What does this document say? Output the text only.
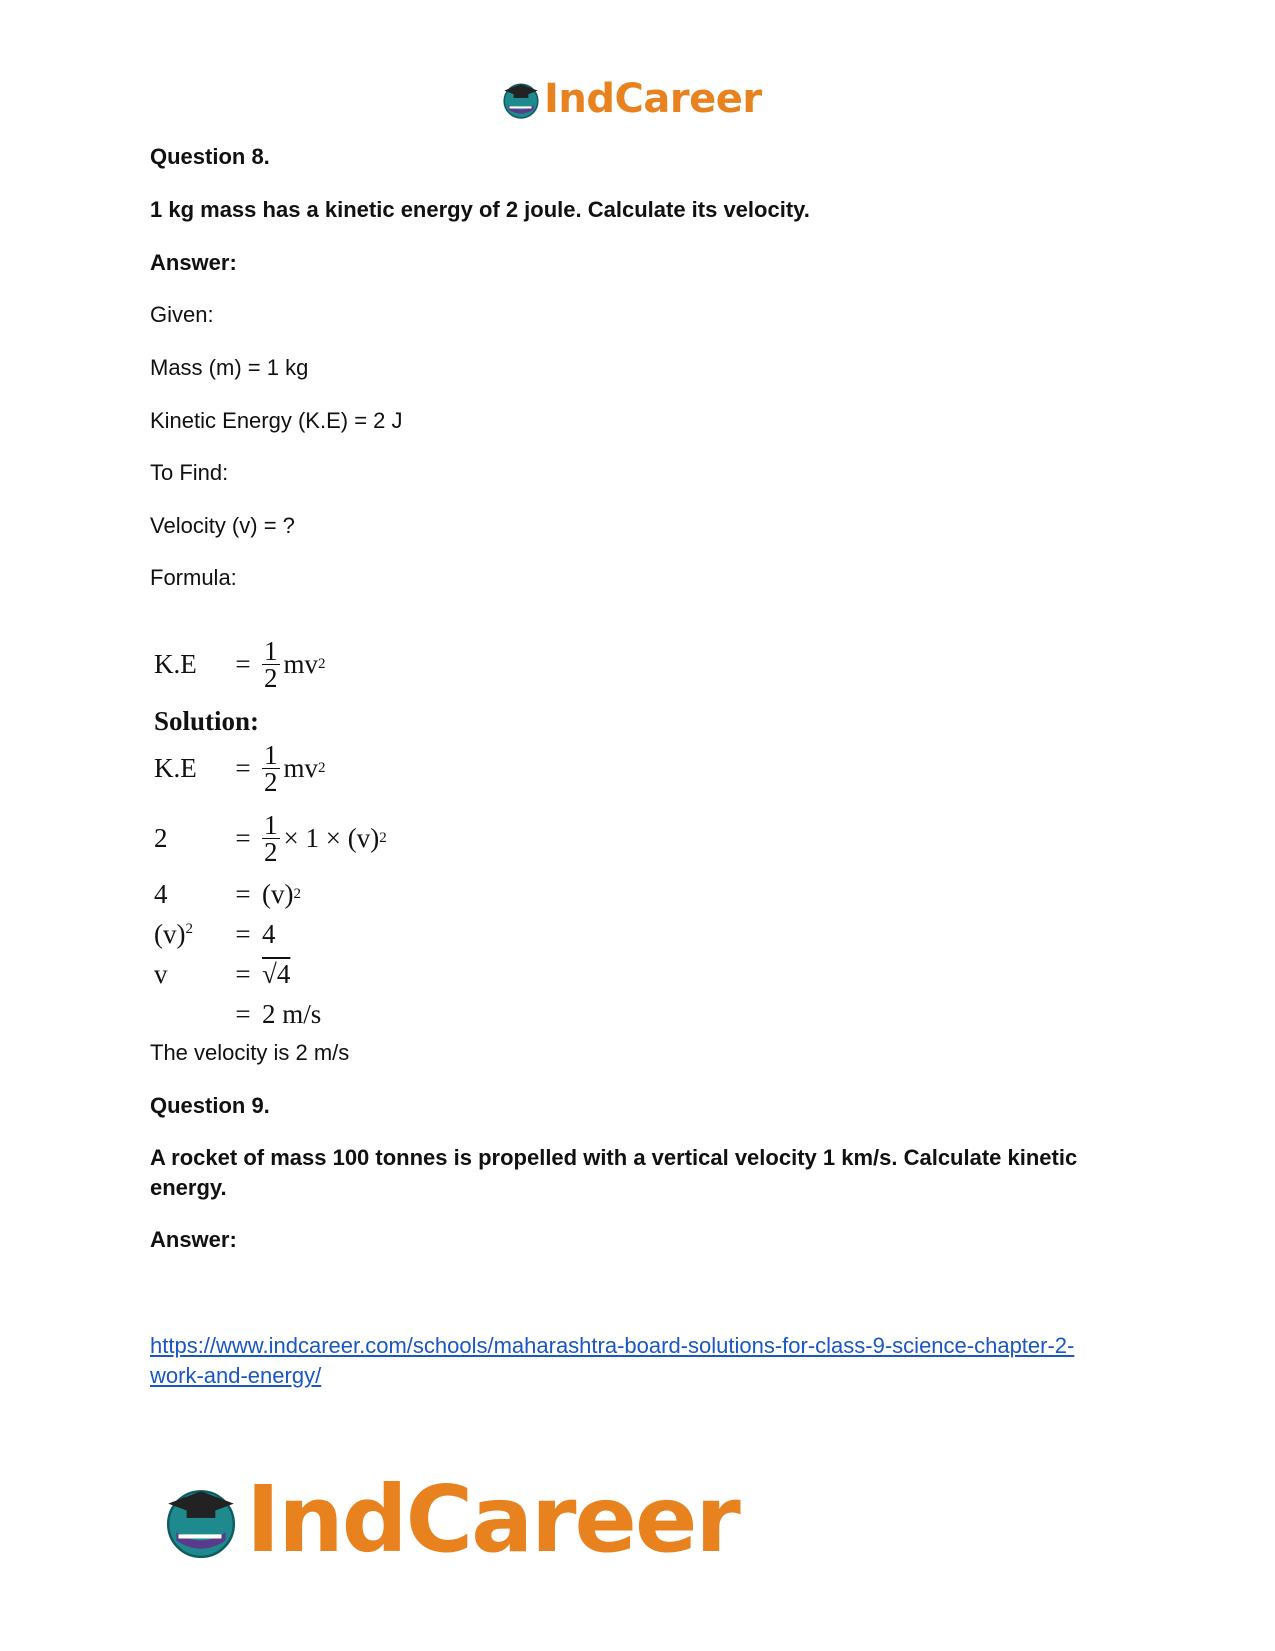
IndCareer

Question 8.

1 kg mass has a kinetic energy of 2 joule. Calculate its velocity.

Answer:

Given:

Mass (m) = 1 kg

Kinetic Energy (K.E) = 2 J

To Find:

Velocity (v) = ?

Formula:

K.E	= $\frac{1}{2}$ mv 2
Solution:
K.E	= $\frac{1}{2}$ mv 2
2	= $\frac{1}{2} \times 1 \times (v)$ 2
4	= (v) 2
$(v)^2$	= 4
v	= √4
= 2 m/s

The velocity is 2 m/s

Question 9.

A rocket of mass 100 tonnes is propelled with a vertical velocity 1 km/s. Calculate kinetic energy.

Answer:

https://www.indcareer.com/schools/maharashtra-board-solutions-for-class-9-science-chapter-2-
work-and-energy/

IndCareer
